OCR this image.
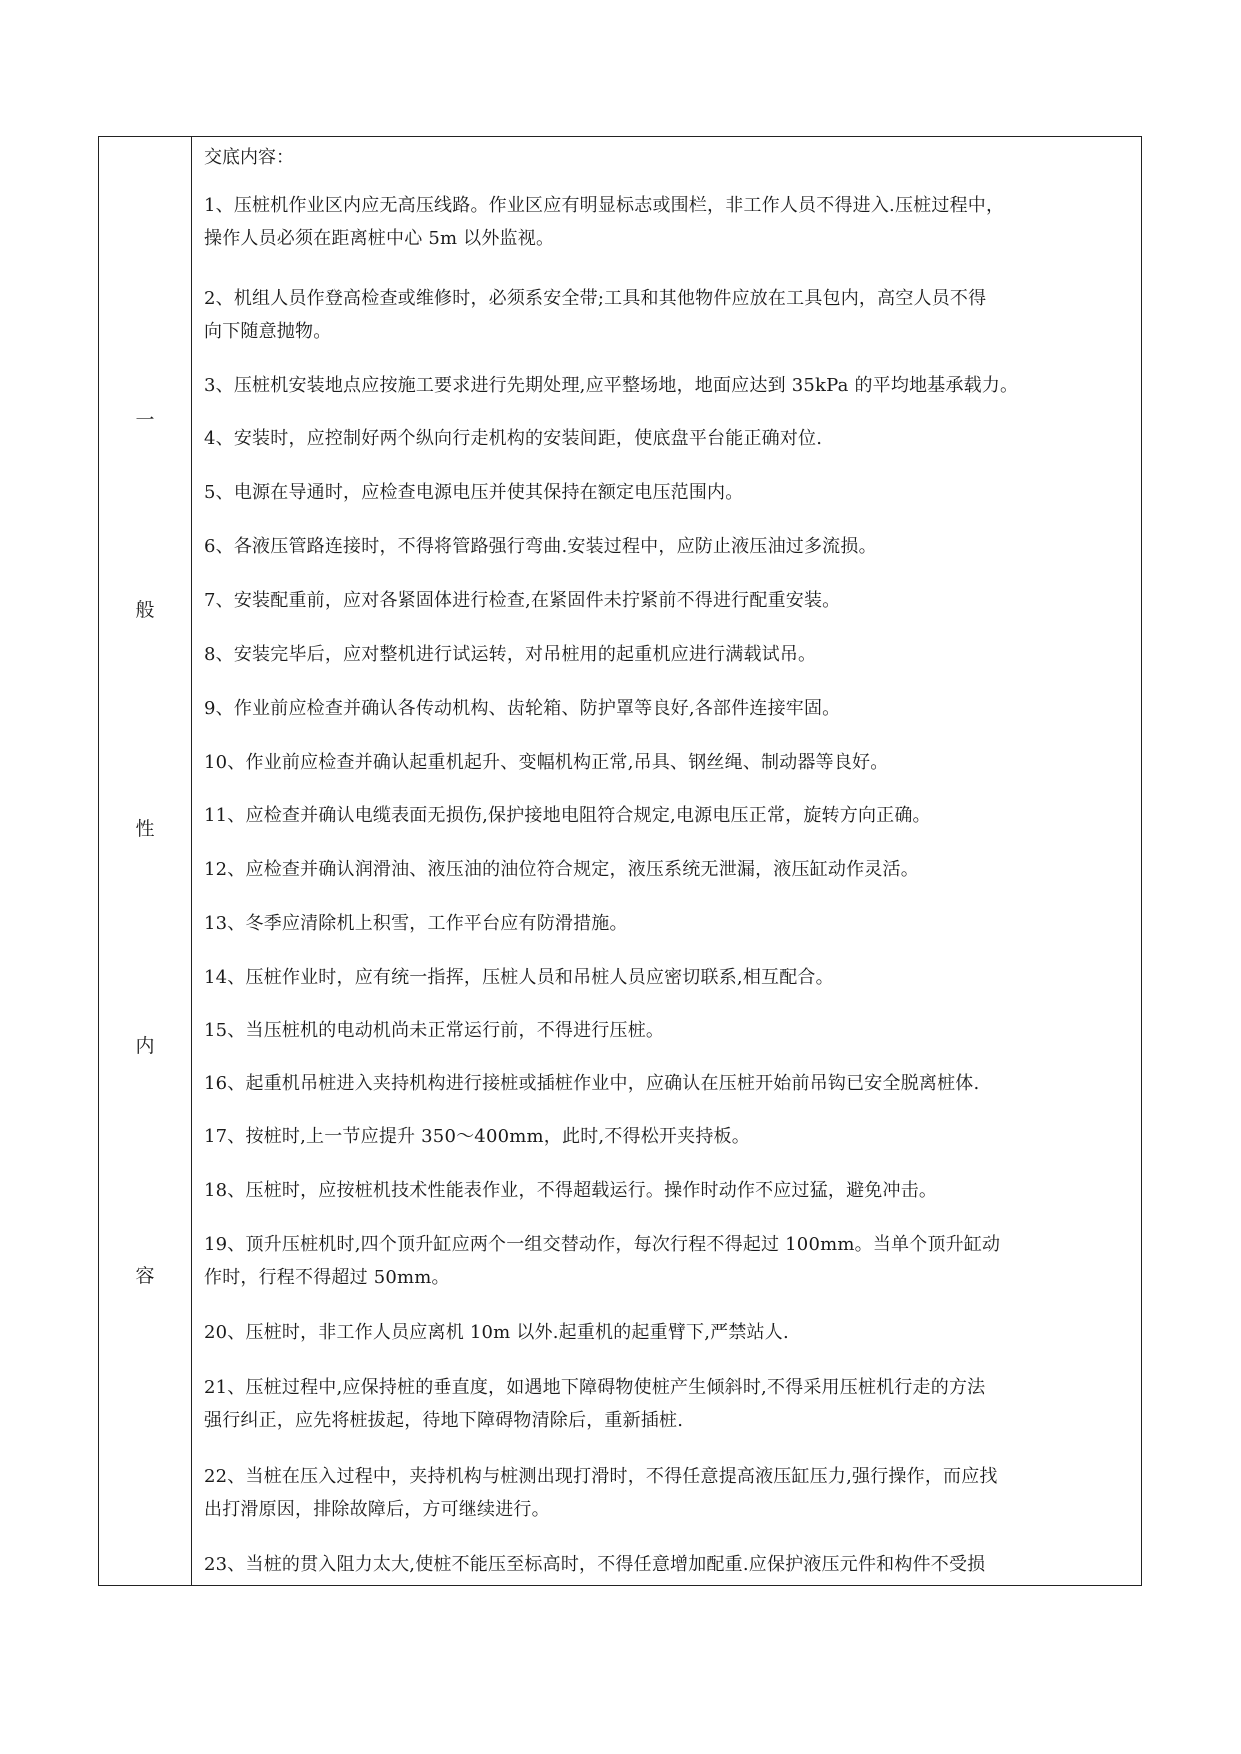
一
般
性
内
容
交底内容：
1、压桩机作业区内应无高压线路。作业区应有明显标志或围栏，非工作人员不得进入.压桩过程中，
操作人员必须在距离桩中心 5m 以外监视。
2、机组人员作登高检查或维修时，必须系安全带;工具和其他物件应放在工具包内，高空人员不得
向下随意抛物。
3、压桩机安装地点应按施工要求进行先期处理,应平整场地，地面应达到 35kPa 的平均地基承载力。
4、安装时，应控制好两个纵向行走机构的安装间距，使底盘平台能正确对位.
5、电源在导通时，应检查电源电压并使其保持在额定电压范围内。
6、各液压管路连接时，不得将管路强行弯曲.安装过程中，应防止液压油过多流损。
7、安装配重前，应对各紧固体进行检查,在紧固件未拧紧前不得进行配重安装。
8、安装完毕后，应对整机进行试运转，对吊桩用的起重机应进行满载试吊。
9、作业前应检查并确认各传动机构、齿轮箱、防护罩等良好,各部件连接牢固。
10、作业前应检查并确认起重机起升、变幅机构正常,吊具、钢丝绳、制动器等良好。
11、应检查并确认电缆表面无损伤,保护接地电阻符合规定,电源电压正常，旋转方向正确。
12、应检查并确认润滑油、液压油的油位符合规定，液压系统无泄漏，液压缸动作灵活。
13、冬季应清除机上积雪，工作平台应有防滑措施。
14、压桩作业时，应有统一指挥，压桩人员和吊桩人员应密切联系,相互配合。
15、当压桩机的电动机尚未正常运行前，不得进行压桩。
16、起重机吊桩进入夹持机构进行接桩或插桩作业中，应确认在压桩开始前吊钩已安全脱离桩体.
17、按桩时,上一节应提升 350～400mm，此时,不得松开夹持板。
18、压桩时，应按桩机技术性能表作业，不得超载运行。操作时动作不应过猛，避免冲击。
19、顶升压桩机时,四个顶升缸应两个一组交替动作，每次行程不得起过 100mm。当单个顶升缸动
作时，行程不得超过 50mm。
20、压桩时，非工作人员应离机 10m 以外.起重机的起重臂下,严禁站人.
21、压桩过程中,应保持桩的垂直度，如遇地下障碍物使桩产生倾斜时,不得采用压桩机行走的方法
强行纠正，应先将桩拔起，待地下障碍物清除后，重新插桩.
22、当桩在压入过程中，夹持机构与桩测出现打滑时，不得任意提高液压缸压力,强行操作，而应找
出打滑原因，排除故障后，方可继续进行。
23、当桩的贯入阻力太大,使桩不能压至标高时，不得任意增加配重.应保护液压元件和构件不受损
